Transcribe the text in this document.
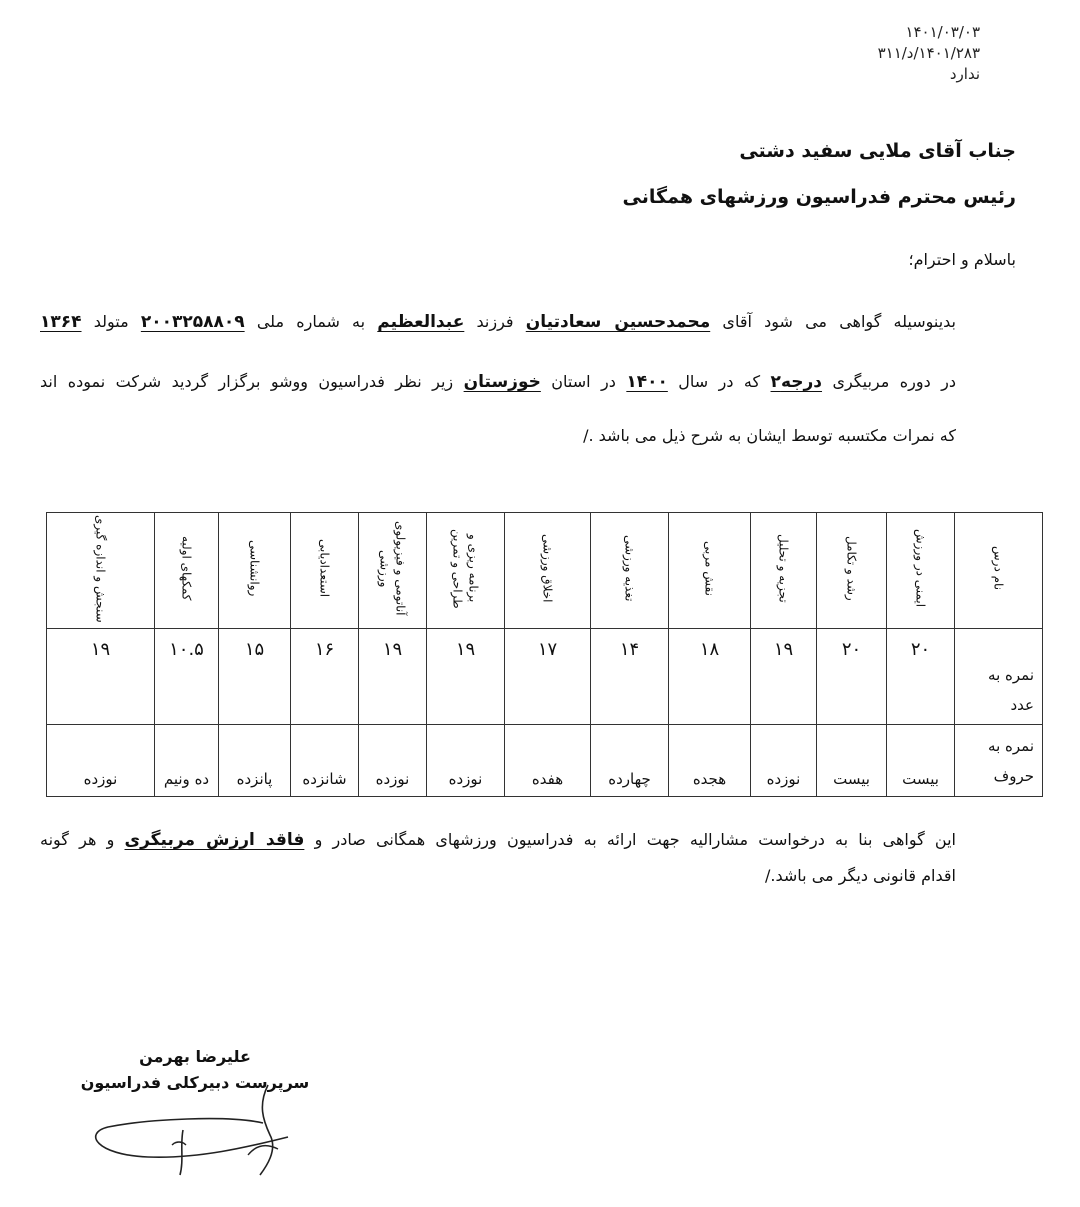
۱۴۰۱/۰۳/۰۳
۱۴۰۱/۲۸۳/د/۳۱۱
ندارد
جناب آقای ملایی سفید دشتی
رئیس محترم فدراسیون ورزشهای همگانی
باسلام و احترام؛
بدینوسیله گواهی می شود آقای محمدحسین سعادتیان فرزند عبدالعظیم به شماره ملی ۲۰۰۳۲۵۸۸۰۹ متولد ۱۳۶۴
در دوره مربیگری درجه۲ که در سال ۱۴۰۰ در استان خوزستان زیر نظر فدراسیون ووشو برگزار گردید شرکت نموده اند
که نمرات مکتسبه توسط ایشان به شرح ذیل می باشد ./
نام درس	ایمنی در ورزش	رشد و تکامل	تجزیه و تحلیل	نقش مربی	تغذیه ورزشی	اخلاق ورزشی	برنامه ریزی و طراحی و تمرین	آناتومی و فیزیولوی ورزشی	استعدادیابی	روانشناسی	کمکهای اولیه	سنجش و اندازه گیری
نمره به عدد	۲۰	۲۰	۱۹	۱۸	۱۴	۱۷	۱۹	۱۹	۱۶	۱۵	۱۰.۵	۱۹
نمره به حروف	بیست	بیست	نوزده	هجده	چهارده	هفده	نوزده	نوزده	شانزده	پانزده	ده ونیم	نوزده
این گواهی بنا به درخواست مشارالیه جهت ارائه به فدراسیون ورزشهای همگانی صادر و فاقد ارزش مربیگری و هر گونه
اقدام قانونی دیگر می باشد./
علیرضا بهرمن
سرپرست دبیرکلی فدراسیون
